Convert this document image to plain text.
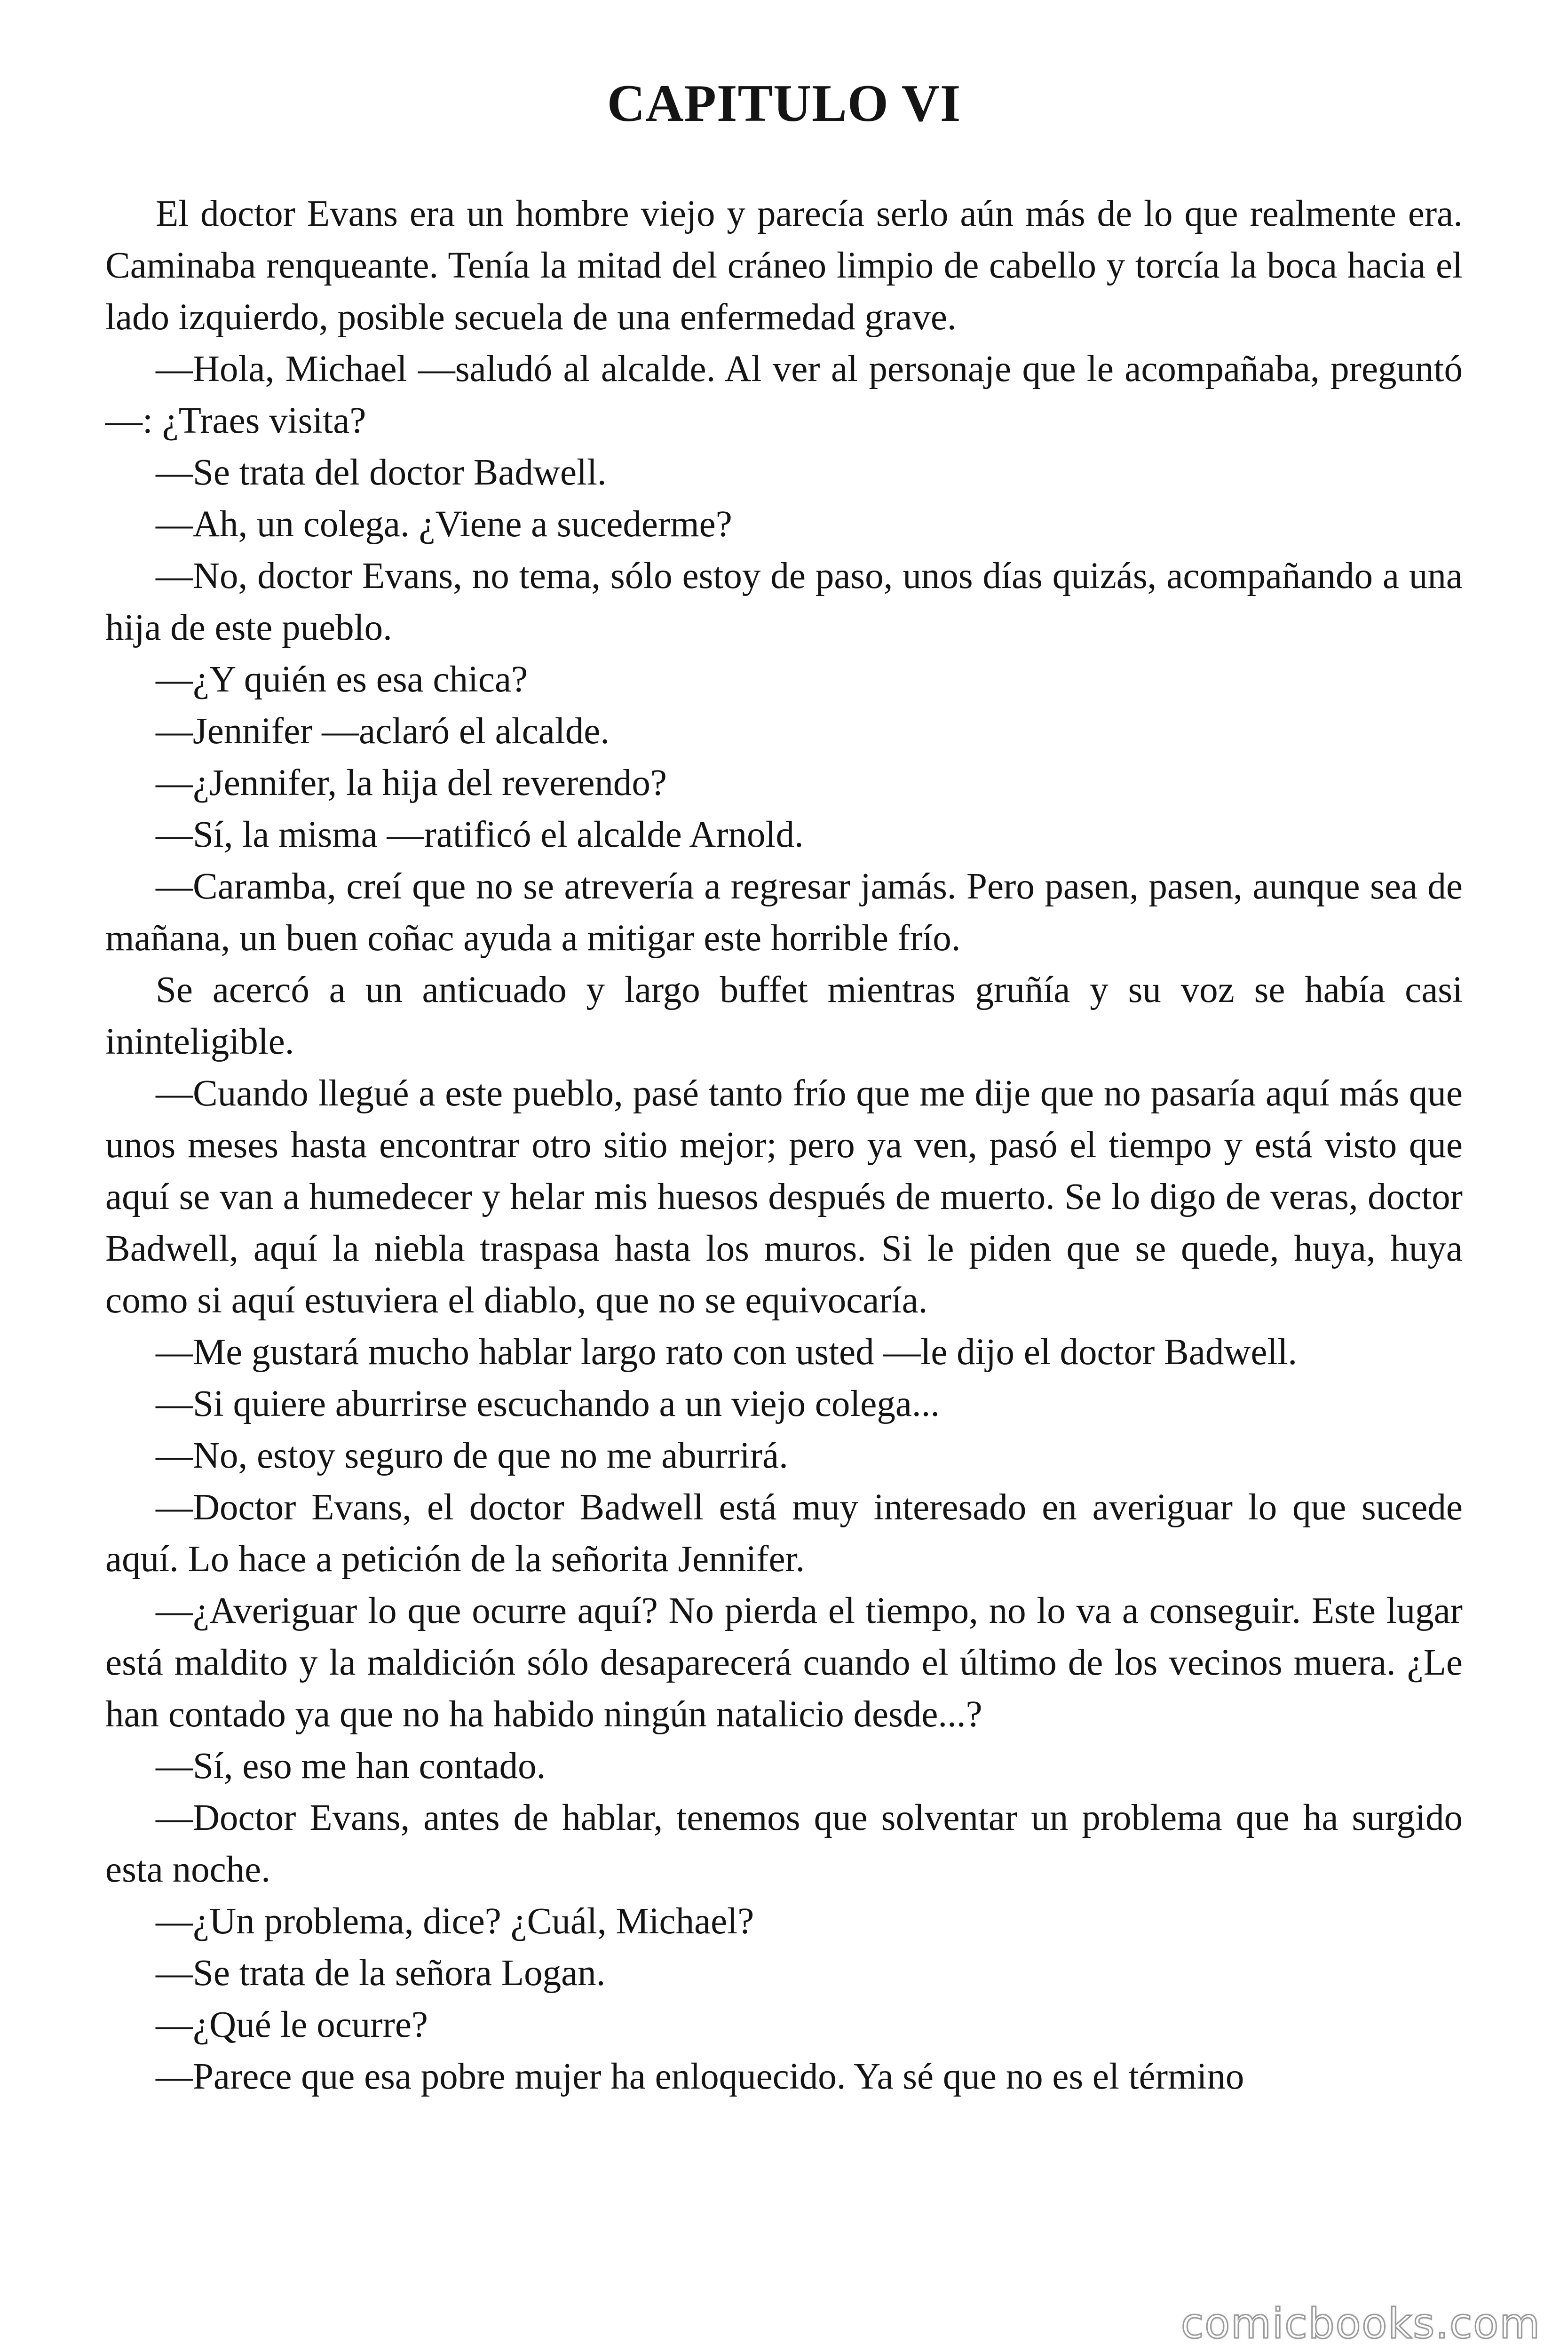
CAPITULO VI

El doctor Evans era un hombre viejo y parecía serlo aún más de lo que realmente era. Caminaba renqueante. Tenía la mitad del cráneo limpio de cabello y torcía la boca hacia el lado izquierdo, posible secuela de una enfermedad grave.

—Hola, Michael —saludó al alcalde. Al ver al personaje que le acompañaba, preguntó—: ¿Traes visita?

—Se trata del doctor Badwell.

—Ah, un colega. ¿Viene a sucederme?

—No, doctor Evans, no tema, sólo estoy de paso, unos días quizás, acompañando a una hija de este pueblo.

—¿Y quién es esa chica?

—Jennifer —aclaró el alcalde.

—¿Jennifer, la hija del reverendo?

—Sí, la misma —ratificó el alcalde Arnold.

—Caramba, creí que no se atrevería a regresar jamás. Pero pasen, pasen, aunque sea de mañana, un buen coñac ayuda a mitigar este horrible frío.

Se acercó a un anticuado y largo buffet mientras gruñía y su voz se había casi ininteligible.

—Cuando llegué a este pueblo, pasé tanto frío que me dije que no pasaría aquí más que unos meses hasta encontrar otro sitio mejor; pero ya ven, pasó el tiempo y está visto que aquí se van a humedecer y helar mis huesos después de muerto. Se lo digo de veras, doctor Badwell, aquí la niebla traspasa hasta los muros. Si le piden que se quede, huya, huya como si aquí estuviera el diablo, que no se equivocaría.

—Me gustará mucho hablar largo rato con usted —le dijo el doctor Badwell.

—Si quiere aburrirse escuchando a un viejo colega...

—No, estoy seguro de que no me aburrirá.

—Doctor Evans, el doctor Badwell está muy interesado en averiguar lo que sucede aquí. Lo hace a petición de la señorita Jennifer.

—¿Averiguar lo que ocurre aquí? No pierda el tiempo, no lo va a conseguir. Este lugar está maldito y la maldición sólo desaparecerá cuando el último de los vecinos muera. ¿Le han contado ya que no ha habido ningún natalicio desde...?

—Sí, eso me han contado.

—Doctor Evans, antes de hablar, tenemos que solventar un problema que ha surgido esta noche.

—¿Un problema, dice? ¿Cuál, Michael?

—Se trata de la señora Logan.

—¿Qué le ocurre?

—Parece que esa pobre mujer ha enloquecido. Ya sé que no es el término

comicbooks.com
